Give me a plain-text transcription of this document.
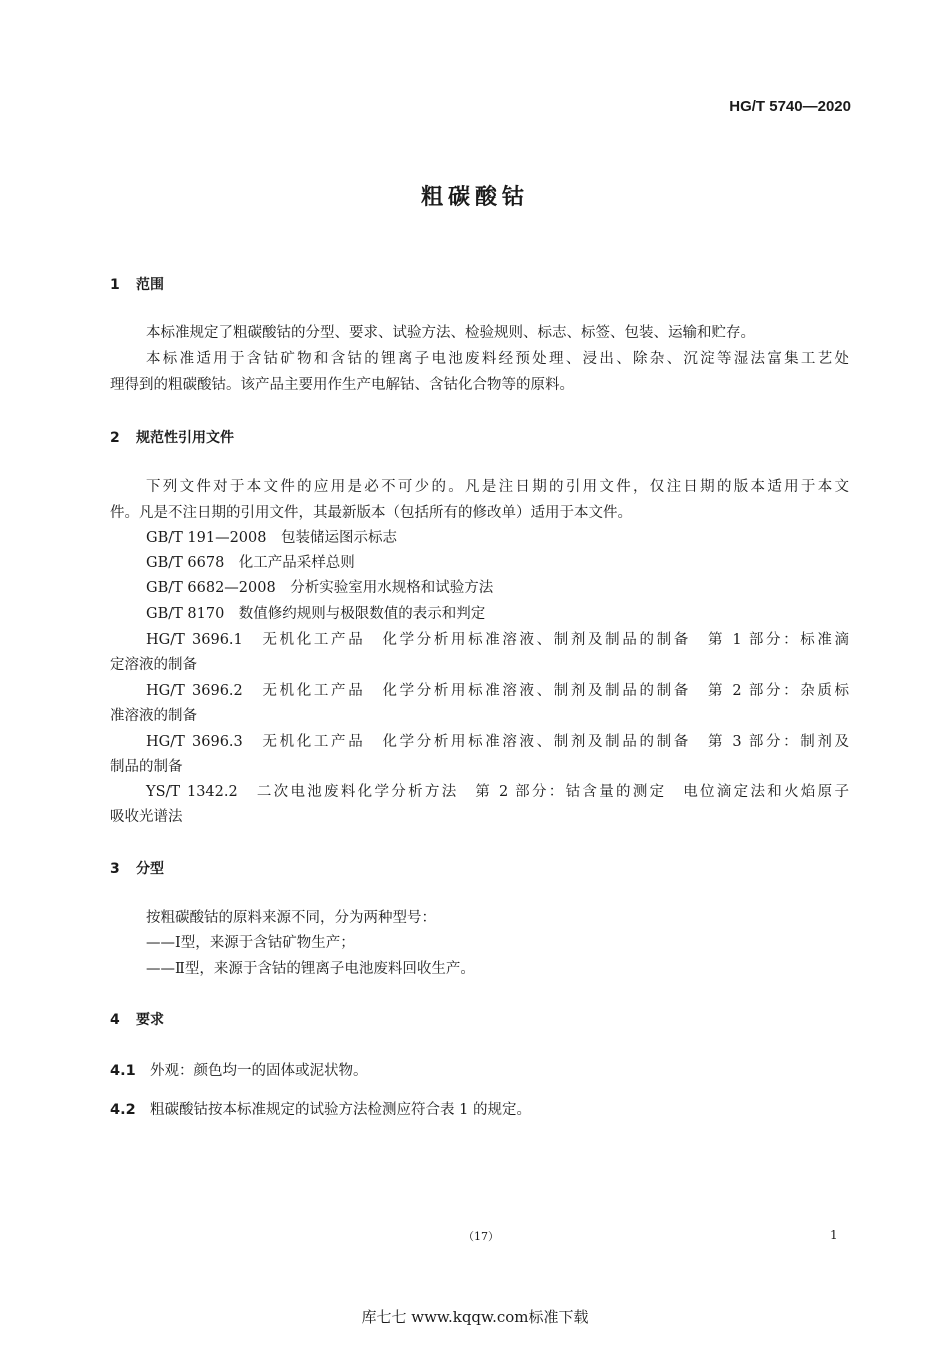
HG/T 5740—2020
粗碳酸钴
1 范围
本标准规定了粗碳酸钴的分型、要求、试验方法、检验规则、标志、标签、包装、运输和贮存。
本标准适用于含钴矿物和含钴的锂离子电池废料经预处理、浸出、除杂、沉淀等湿法富集工艺处
理得到的粗碳酸钴。该产品主要用作生产电解钴、含钴化合物等的原料。
2 规范性引用文件
下列文件对于本文件的应用是必不可少的。凡是注日期的引用文件，仅注日期的版本适用于本文
件。凡是不注日期的引用文件，其最新版本（包括所有的修改单）适用于本文件。
GB/T 191—2008　包装储运图示标志
GB/T 6678　化工产品采样总则
GB/T 6682—2008　分析实验室用水规格和试验方法
GB/T 8170　数值修约规则与极限数值的表示和判定
HG/T 3696.1　无机化工产品　化学分析用标准溶液、制剂及制品的制备　第 1 部分：标准滴
定溶液的制备
HG/T 3696.2　无机化工产品　化学分析用标准溶液、制剂及制品的制备　第 2 部分：杂质标
准溶液的制备
HG/T 3696.3　无机化工产品　化学分析用标准溶液、制剂及制品的制备　第 3 部分：制剂及
制品的制备
YS/T 1342.2　二次电池废料化学分析方法　第 2 部分：钴含量的测定　电位滴定法和火焰原子
吸收光谱法
3 分型
按粗碳酸钴的原料来源不同，分为两种型号：
——Ⅰ型，来源于含钴矿物生产；
——Ⅱ型，来源于含钴的锂离子电池废料回收生产。
4 要求
4.1 外观：颜色均一的固体或泥状物。
4.2 粗碳酸钴按本标准规定的试验方法检测应符合表 1 的规定。
（17）	1
库七七 www.kqqw.com标准下载
